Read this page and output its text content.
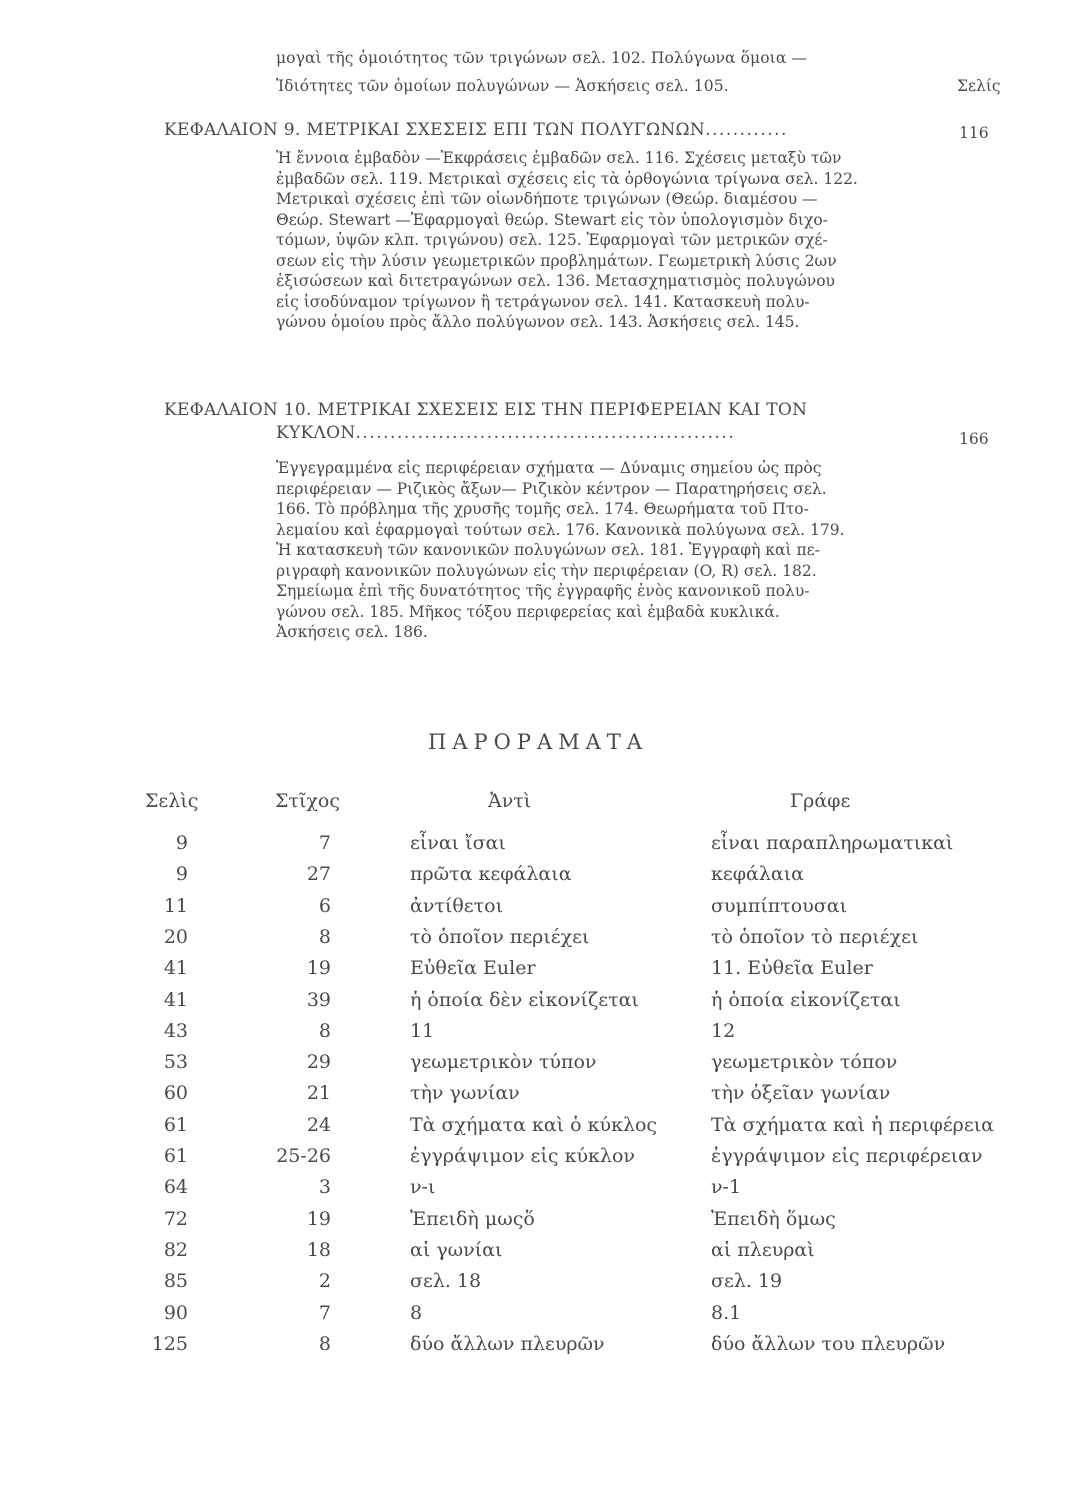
μογαὶ τῆς ὁμοιότητος τῶν τριγώνων σελ. 102. Πολύγωνα ὅμοια —
Ἰδιότητες τῶν ὁμοίων πολυγώνων — Ἀσκήσεις σελ. 105.	Σελίς
ΚΕΦΑΛΑΙΟΝ 9. ΜΕΤΡΙΚΑΙ ΣΧΕΣΕΙΣ ΕΠΙ ΤΩΝ ΠΟΛΥΓΩΝΩΝ............	116
Ἡ ἔννοια ἐμβαδὸν —Ἐκφράσεις ἐμβαδῶν σελ. 116. Σχέσεις μεταξὺ τῶν
ἐμβαδῶν σελ. 119. Μετρικαὶ σχέσεις εἰς τὰ ὀρθογώνια τρίγωνα σελ. 122.
Μετρικαὶ σχέσεις ἐπὶ τῶν οἱωνδήποτε τριγώνων (Θεώρ. διαμέσου —
Θεώρ. Stewart —Ἐφαρμογαὶ θεώρ. Stewart εἰς τὸν ὑπολογισμὸν διχο-
τόμων, ὑψῶν κλπ. τριγώνου) σελ. 125. Ἐφαρμογαὶ τῶν μετρικῶν σχέ-
σεων εἰς τὴν λύσιν γεωμετρικῶν προβλημάτων. Γεωμετρικὴ λύσις 2ων
ἐξισώσεων καὶ διτετραγώνων σελ. 136. Μετασχηματισμὸς πολυγώνου
εἰς ἰσοδύναμον τρίγωνον ἢ τετράγωνον σελ. 141. Κατασκευὴ πολυ-
γώνου ὁμοίου πρὸς ἄλλο πολύγωνον σελ. 143. Ἀσκήσεις σελ. 145.
ΚΕΦΑΛΑΙΟΝ 10. ΜΕΤΡΙΚΑΙ ΣΧΕΣΕΙΣ ΕΙΣ ΤΗΝ ΠΕΡΙΦΕΡΕΙΑΝ ΚΑΙ ΤΟΝ
ΚΥΚΛΟΝ.......................................................	166
Ἐγγεγραμμένα εἰς περιφέρειαν σχήματα — Δύναμις σημείου ὡς πρὸς
περιφέρειαν — Ριζικὸς ἄξων— Ριζικὸν κέντρον — Παρατηρήσεις σελ.
166. Τὸ πρόβλημα τῆς χρυσῆς τομῆς σελ. 174. Θεωρήματα τοῦ Πτο-
λεμαίου καὶ ἐφαρμογαὶ τούτων σελ. 176. Κανονικὰ πολύγωνα σελ. 179.
Ἡ κατασκευὴ τῶν κανονικῶν πολυγώνων σελ. 181. Ἐγγραφὴ καὶ πε-
ριγραφὴ κανονικῶν πολυγώνων εἰς τὴν περιφέρειαν (O, R) σελ. 182.
Σημείωμα ἐπὶ τῆς δυνατότητος τῆς ἐγγραφῆς ἑνὸς κανονικοῦ πολυ-
γώνου σελ. 185. Μῆκος τόξου περιφερείας καὶ ἐμβαδὰ κυκλικά.
Ἀσκήσεις σελ. 186.
ΠΑΡΟΡΑΜΑΤΑ
Σελὶς	Στῖχος	Ἀντὶ	Γράφε
9	7	εἶναι ἴσαι	εἶναι παραπληρωματικαὶ
9	27	πρῶτα κεφάλαια	κεφάλαια
11	6	ἀντίθετοι	συμπίπτουσαι
20	8	τὸ ὁποῖον περιέχει	τὸ ὁποῖον τὸ περιέχει
41	19	Εὐθεῖα Euler	11. Εὐθεῖα Euler
41	39	ἡ ὁποία δὲν εἰκονίζεται	ἡ ὁποία εἰκονίζεται
43	8	11	12
53	29	γεωμετρικὸν τύπον	γεωμετρικὸν τόπον
60	21	τὴν γωνίαν	τὴν ὀξεῖαν γωνίαν
61	24	Τὰ σχήματα καὶ ὁ κύκλος	Τὰ σχήματα καὶ ἡ περιφέρεια
61	25-26	ἐγγράψιμον εἰς κύκλον	ἐγγράψιμον εἰς περιφέρειαν
64	3	ν-ι	ν-1
72	19	Ἐπειδὴ μωςὅ	Ἐπειδὴ ὅμως
82	18	αἱ γωνίαι	αἱ πλευραὶ
85	2	σελ. 18	σελ. 19
90	7	8	8.1
125	8	δύο ἄλλων πλευρῶν	δύο ἄλλων του πλευρῶν
